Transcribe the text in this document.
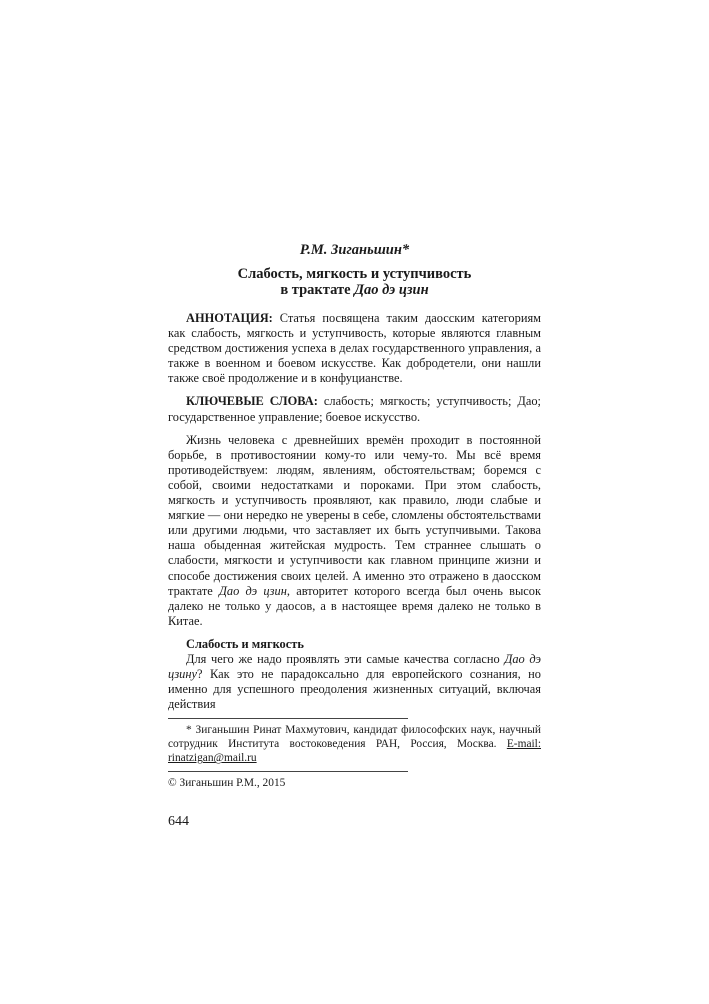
Р.М. Зиганьшин*
Слабость, мягкость и уступчивость
в трактате Дао дэ цзин

АННОТАЦИЯ: Статья посвящена таким даосским категориям как слабость, мягкость и уступчивость, которые являются главным средством достижения успеха в делах государственного управления, а также в военном и боевом искусстве. Как добродетели, они нашли также своё продолжение и в конфуцианстве.

КЛЮЧЕВЫЕ СЛОВА: слабость; мягкость; уступчивость; Дао; государственное управление; боевое искусство.

Жизнь человека с древнейших времён проходит в постоянной борьбе, в противостоянии кому-то или чему-то. Мы всё время противодействуем: людям, явлениям, обстоятельствам; боремся с собой, своими недостатками и пороками. При этом слабость, мягкость и уступчивость проявляют, как правило, люди слабые и мягкие — они нередко не уверены в себе, сломлены обстоятельствами или другими людьми, что заставляет их быть уступчивыми. Такова наша обыденная житейская мудрость. Тем страннее слышать о слабости, мягкости и уступчивости как главном принципе жизни и способе достижения своих целей. А именно это отражено в даосском трактате Дао дэ цзин, авторитет которого всегда был очень высок далеко не только у даосов, а в настоящее время далеко не только в Китае.

Слабость и мягкость

Для чего же надо проявлять эти самые качества согласно Дао дэ цзину? Как это не парадоксально для европейского сознания, но именно для успешного преодоления жизненных ситуаций, включая действия

* Зиганьшин Ринат Махмутович, кандидат философских наук, научный сотрудник Института востоковедения РАН, Россия, Москва. E-mail: rinatzigan@mail.ru
© Зиганьшин Р.М., 2015
644
